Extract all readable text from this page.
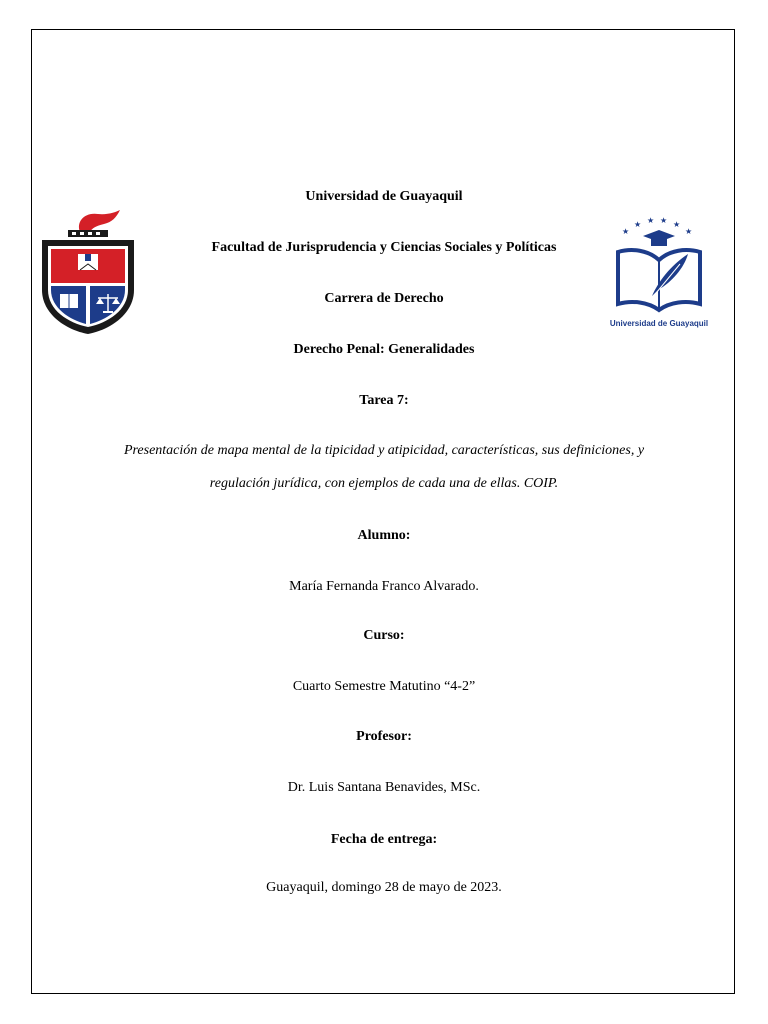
★
★ ★ ★ ★
★
Universidad de Guayaquil
Universidad de Guayaquil
Facultad de Jurisprudencia y Ciencias Sociales y Políticas
Carrera de Derecho
Derecho Penal: Generalidades
Tarea 7:
Presentación de mapa mental de la tipicidad y atipicidad, características, sus definiciones, y
regulación jurídica, con ejemplos de cada una de ellas. COIP.
Alumno:
María Fernanda Franco Alvarado.
Curso:
Cuarto Semestre Matutino “4-2”
Profesor:
Dr. Luis Santana Benavides, MSc.
Fecha de entrega:
Guayaquil, domingo 28 de mayo de 2023.
